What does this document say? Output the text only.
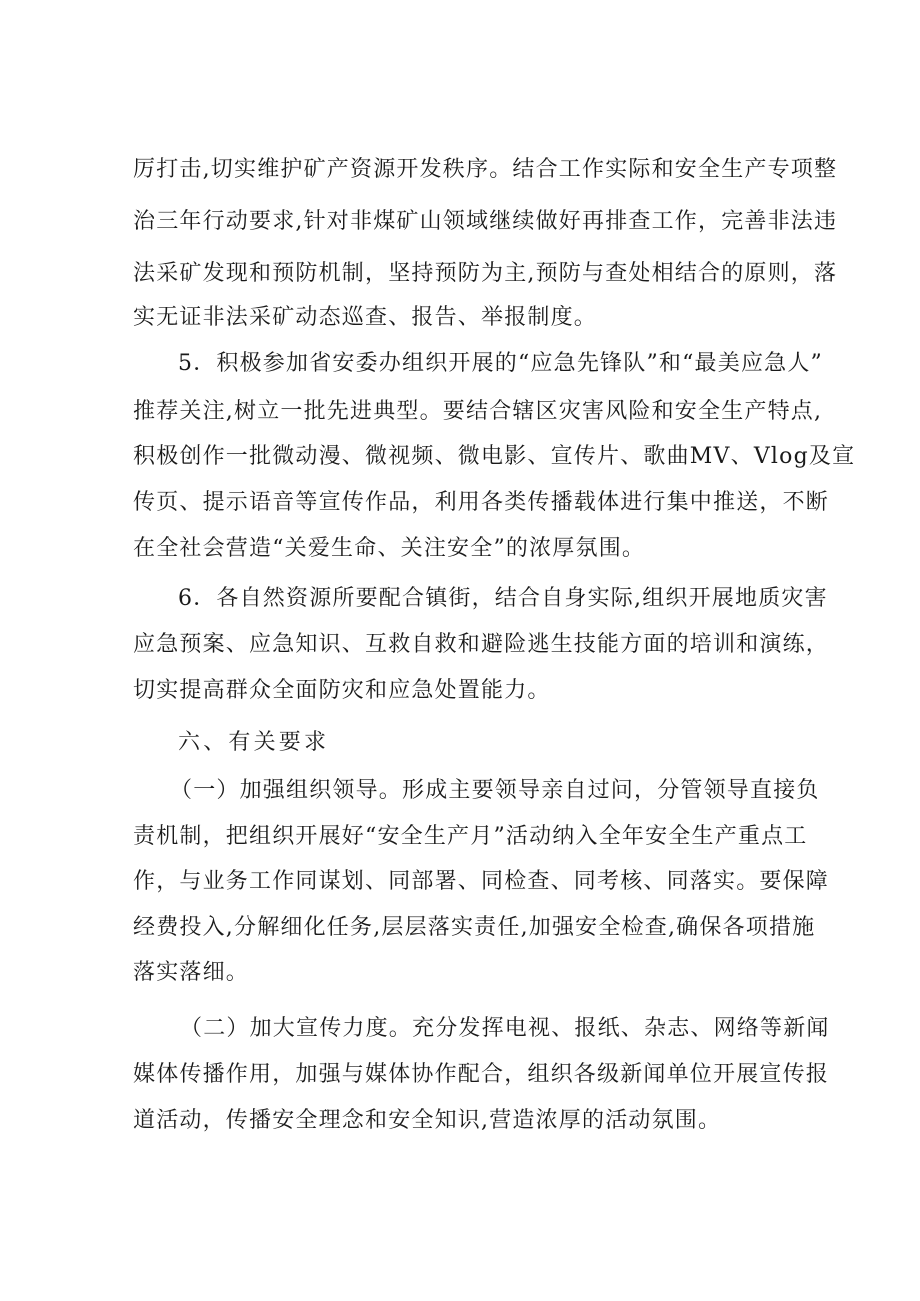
厉打击,切实维护矿产资源开发秩序。结合工作实际和安全生产专项整
治三年行动要求,针对非煤矿山领域继续做好再排查工作，完善非法违
法采矿发现和预防机制，坚持预防为主,预防与查处相结合的原则，落
实无证非法采矿动态巡查、报告、举报制度。
5．积极参加省安委办组织开展的“应急先锋队”和“最美应急人”
推荐关注,树立一批先进典型。要结合辖区灾害风险和安全生产特点,
积极创作一批微动漫、微视频、微电影、宣传片、歌曲MV、Vlog及宣
传页、提示语音等宣传作品，利用各类传播载体进行集中推送，不断
在全社会营造“关爱生命、关注安全”的浓厚氛围。
6．各自然资源所要配合镇街，结合自身实际,组织开展地质灾害
应急预案、应急知识、互救自救和避险逃生技能方面的培训和演练，
切实提高群众全面防灾和应急处置能力。
六、有关要求
（一）加强组织领导。形成主要领导亲自过问，分管领导直接负
责机制，把组织开展好“安全生产月”活动纳入全年安全生产重点工
作，与业务工作同谋划、同部署、同检查、同考核、同落实。要保障
经费投入,分解细化任务,层层落实责任,加强安全检查,确保各项措施
落实落细。
（二）加大宣传力度。充分发挥电视、报纸、杂志、网络等新闻
媒体传播作用，加强与媒体协作配合，组织各级新闻单位开展宣传报
道活动，传播安全理念和安全知识,营造浓厚的活动氛围。
